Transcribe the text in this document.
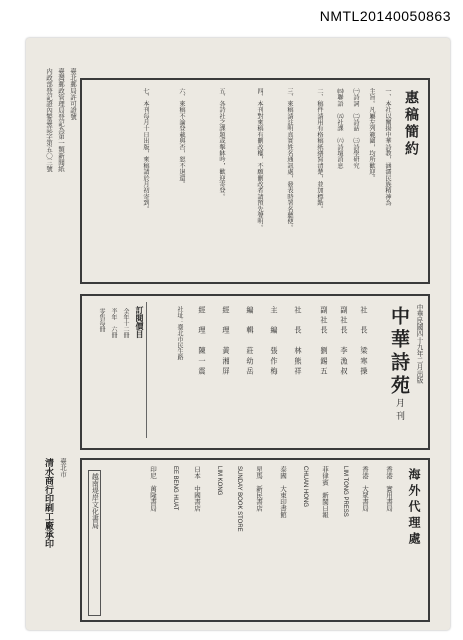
NMTL20140050863
内政部登記證內警臺誌字第五〇三號 臺灣郵政管理局登記為第一類新聞紙 臺北郵局許可證號	惠稿簡約
一、本社以闡揚中華詩教，涵濡民族精神為
主旨。凡屬左列範圍，均所歡迎。
㈠詩詞　㈡詩話　㈢詩學研究
㈣聯語　㈤社課　㈥詩壇消息
二、稿件請用有格稿紙繕寫清楚，並加標點。
三、來稿請註明真實姓名通訊處，發表時署名聽便。
四、本刊對來稿有刪改權，不願刪改者請預先聲明。
五、各詩社之課題或擊缽吟，歡迎寄登。
六、來稿不論登載與否，恕不退還。
七、本刊每月十日出版，來稿請於月初寄到。
中華民國四十九年二月出版
中華詩苑月刊
社　長　梁寒操
副社長　李漁叔
副社長　劉錫五
社　長　林熊祥
主　編　張作梅
編　輯　莊幼岳
經　理　黃湘屏
經　理　陳一震
社址：臺北市民生路
訂閱價目
全年十二冊
半年　六冊
零售每冊
清水商行印刷工廠承印 臺北市
海外代理處
香港　實用書局
香港　大眾書局
LIM TONG PRESS
菲律賓　新閩日報
CHUAN HONG
泰國　大東印書館
星馬　新民書店
SUNDAY BOOK STORE
LIM KONG
日本　中國書店
EE BENG HUAT
印尼　萬隆書局
越南堤岸文化書局
